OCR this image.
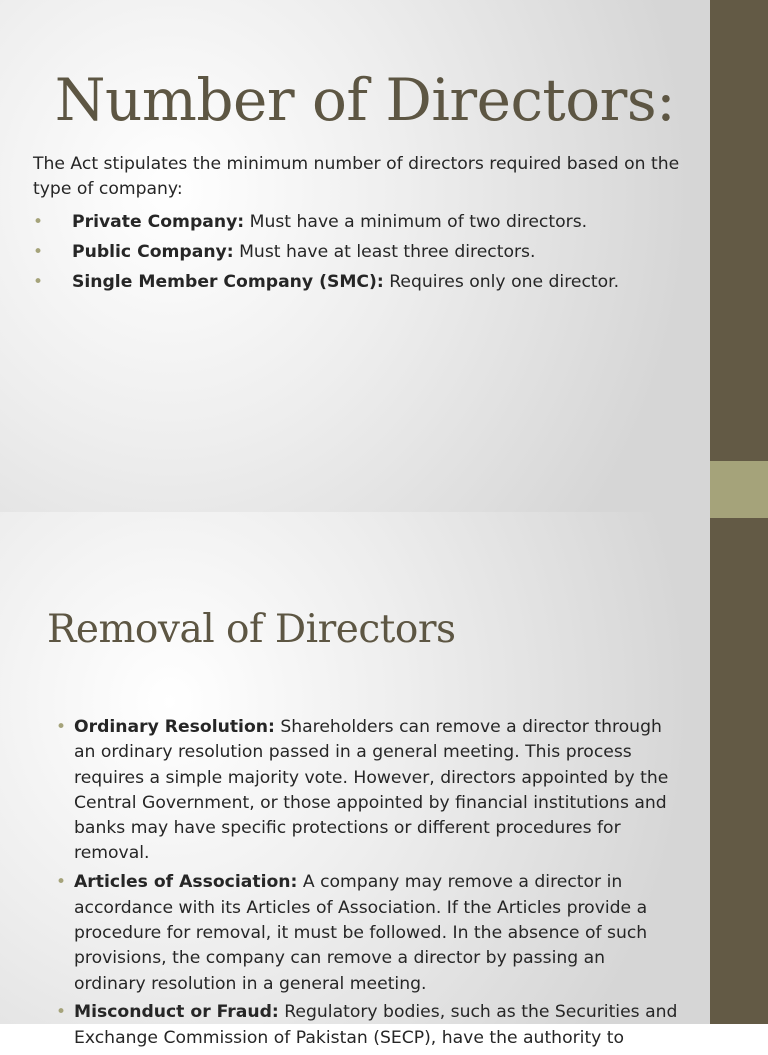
Number of Directors:

The Act stipulates the minimum number of directors required based on the type of company:

• Private Company: Must have a minimum of two directors.
• Public Company: Must have at least three directors.
• Single Member Company (SMC): Requires only one director.
Removal of Directors
• Ordinary Resolution: Shareholders can remove a director through an ordinary resolution passed in a general meeting. This process requires a simple majority vote. However, directors appointed by the Central Government, or those appointed by financial institutions and banks may have specific protections or different procedures for removal.
• Articles of Association: A company may remove a director in accordance with its Articles of Association. If the Articles provide a procedure for removal, it must be followed. In the absence of such provisions, the company can remove a director by passing an ordinary resolution in a general meeting.
• Misconduct or Fraud: Regulatory bodies, such as the Securities and Exchange Commission of Pakistan (SECP), have the authority to
